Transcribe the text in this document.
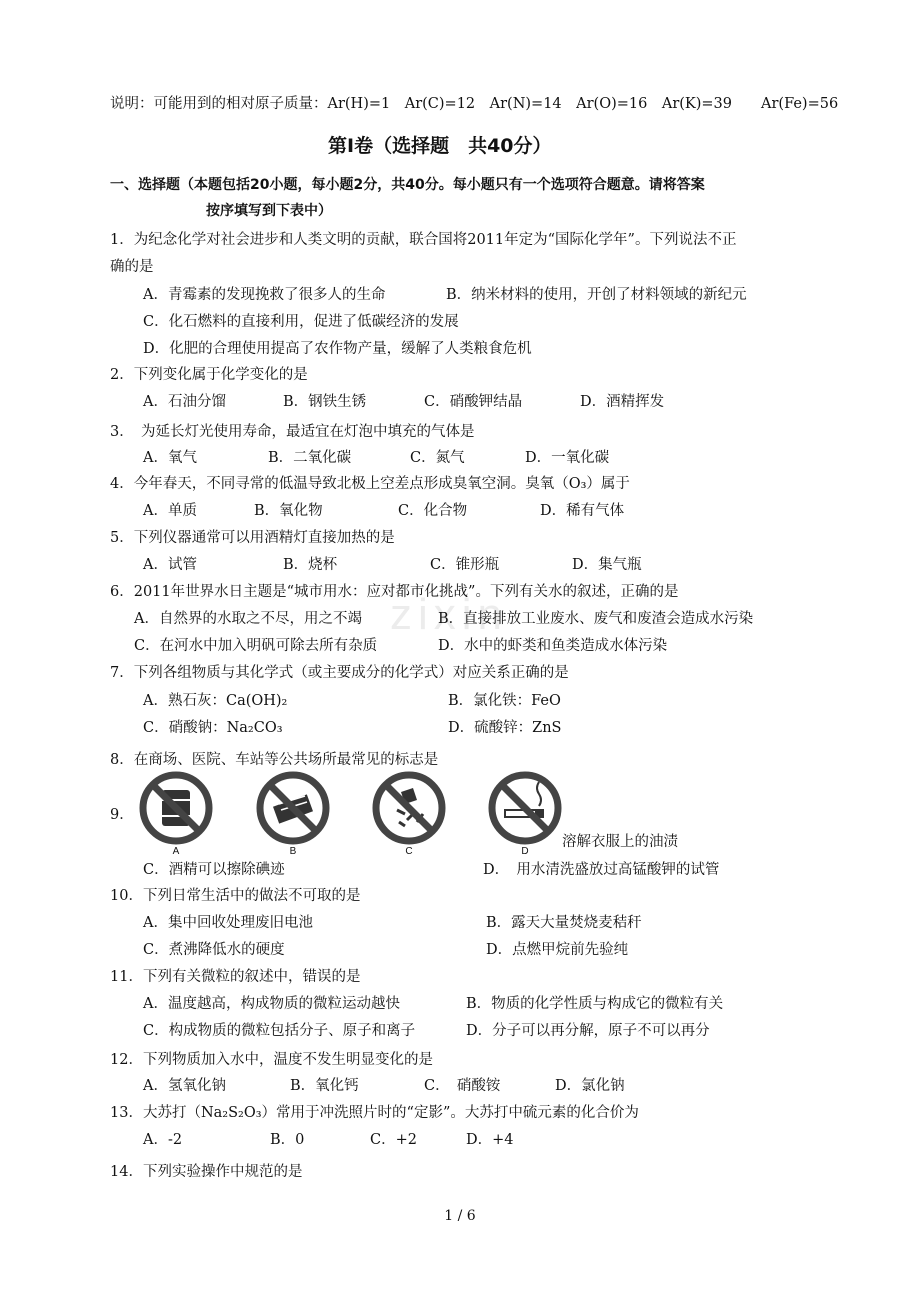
zixin
说明：可能用到的相对原子质量：Ar(H)=1　Ar(C)=12　Ar(N)=14　Ar(O)=16　Ar(K)=39　　Ar(Fe)=56
第Ⅰ卷（选择题　共40分）
一、选择题（本题包括20小题，每小题2分，共40分。每小题只有一个选项符合题意。请将答案
按序填写到下表中）
1．为纪念化学对社会进步和人类文明的贡献，联合国将2011年定为“国际化学年”。下列说法不正
确的是
A．青霉素的发现挽救了很多人的生命	B．纳米材料的使用，开创了材料领域的新纪元
C．化石燃料的直接利用，促进了低碳经济的发展
D．化肥的合理使用提高了农作物产量，缓解了人类粮食危机
2．下列变化属于化学变化的是
A．石油分馏	B．钢铁生锈	C．硝酸钾结晶	D．酒精挥发
3．　为延长灯光使用寿命，最适宜在灯泡中填充的气体是
A．氧气	B．二氧化碳	C．氮气	D．一氧化碳
4．今年春天，不同寻常的低温导致北极上空差点形成臭氧空洞。臭氧（O₃）属于
A．单质	B．氧化物	C．化合物	D．稀有气体
5．下列仪器通常可以用酒精灯直接加热的是
A．试管	B．烧杯	C．锥形瓶	D．集气瓶
6．2011年世界水日主题是“城市用水：应对都市化挑战”。下列有关水的叙述，正确的是
A．自然界的水取之不尽，用之不竭	B．直接排放工业废水、废气和废渣会造成水污染
C．在河水中加入明矾可除去所有杂质	D．水中的虾类和鱼类造成水体污染
7．下列各组物质与其化学式（或主要成分的化学式）对应关系正确的是
A．熟石灰：Ca(OH)₂	B．氯化铁：FeO
C．硝酸钠：Na₂CO₃	D．硫酸锌：ZnS
8．在商场、医院、车站等公共场所最常见的标志是
9．
溶解衣服上的油渍
C．酒精可以擦除碘迹	D．　用水清洗盛放过高锰酸钾的试管
A	B	C	D
10．下列日常生活中的做法不可取的是
A．集中回收处理废旧电池	B．露天大量焚烧麦秸秆
C．煮沸降低水的硬度	D．点燃甲烷前先验纯
11．下列有关微粒的叙述中，错误的是
A．温度越高，构成物质的微粒运动越快	B．物质的化学性质与构成它的微粒有关
C．构成物质的微粒包括分子、原子和离子	D．分子可以再分解，原子不可以再分
12．下列物质加入水中，温度不发生明显变化的是
A．氢氧化钠	B．氧化钙	C．　硝酸铵	D．氯化钠
13．大苏打（Na₂S₂O₃）常用于冲洗照片时的“定影”。大苏打中硫元素的化合价为
A．-2	B．0	C．+2	D．+4
14．下列实验操作中规范的是
1 / 6
